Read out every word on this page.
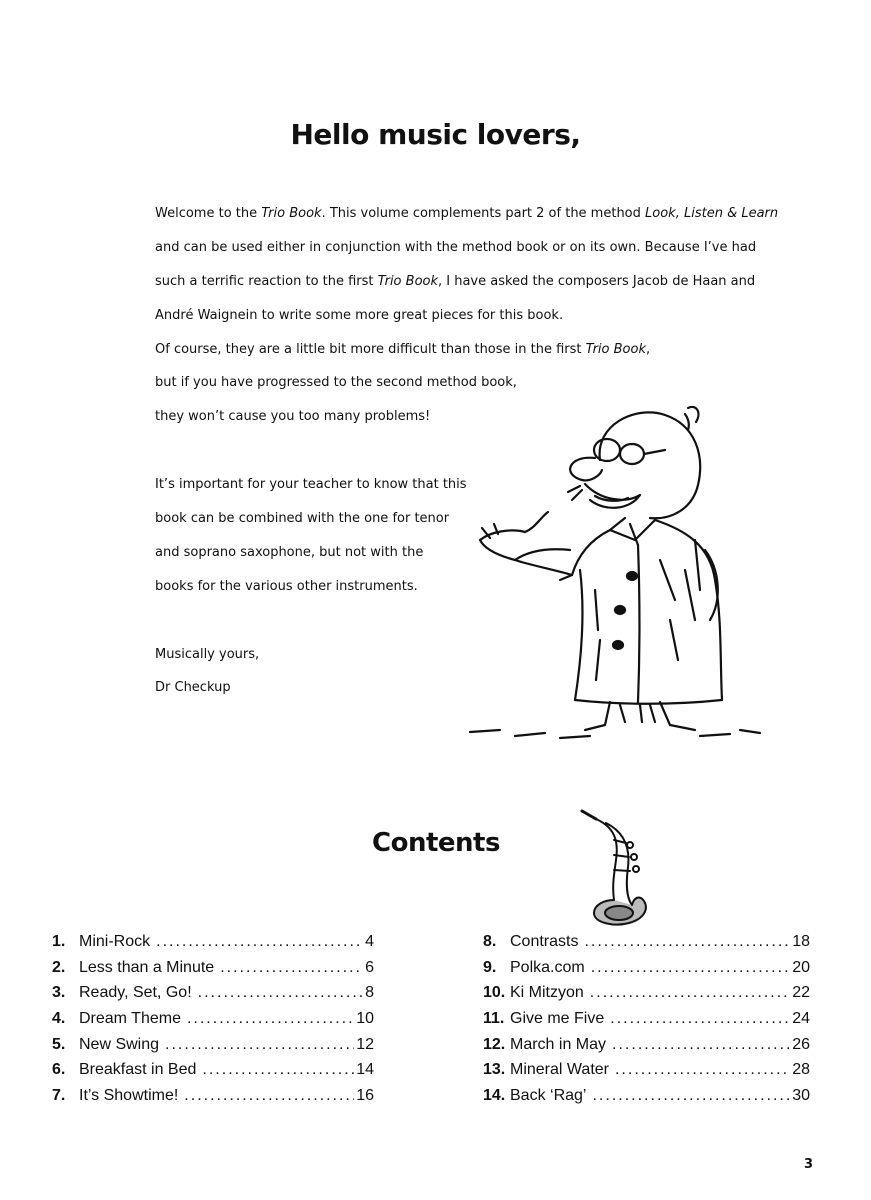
Hello music lovers,
Welcome to the Trio Book. This volume complements part 2 of the method Look, Listen & Learn
and can be used either in conjunction with the method book or on its own. Because I’ve had
such a terrific reaction to the first Trio Book, I have asked the composers Jacob de Haan and
André Waignein to write some more great pieces for this book.
Of course, they are a little bit more difficult than those in the first Trio Book,
but if you have progressed to the second method book,
they won’t cause you too many problems!
It’s important for your teacher to know that this
book can be combined with the one for tenor
and soprano saxophone, but not with the
books for the various other instruments.
Musically yours,
Dr Checkup
Contents
1. Mini-Rock .....	4
2. Less than a Minute .....	6
3. Ready, Set, Go! .....	8
4. Dream Theme .....	10
5. New Swing .....	12
6. Breakfast in Bed .....	14
7. It’s Showtime! .....	16
8. Contrasts .....	18
9. Polka.com .....	20
10. Ki Mitzyon .....	22
11. Give me Five .....	24
12. March in May .....	26
13. Mineral Water .....	28
14. Back ‘Rag’ .....	30
3
